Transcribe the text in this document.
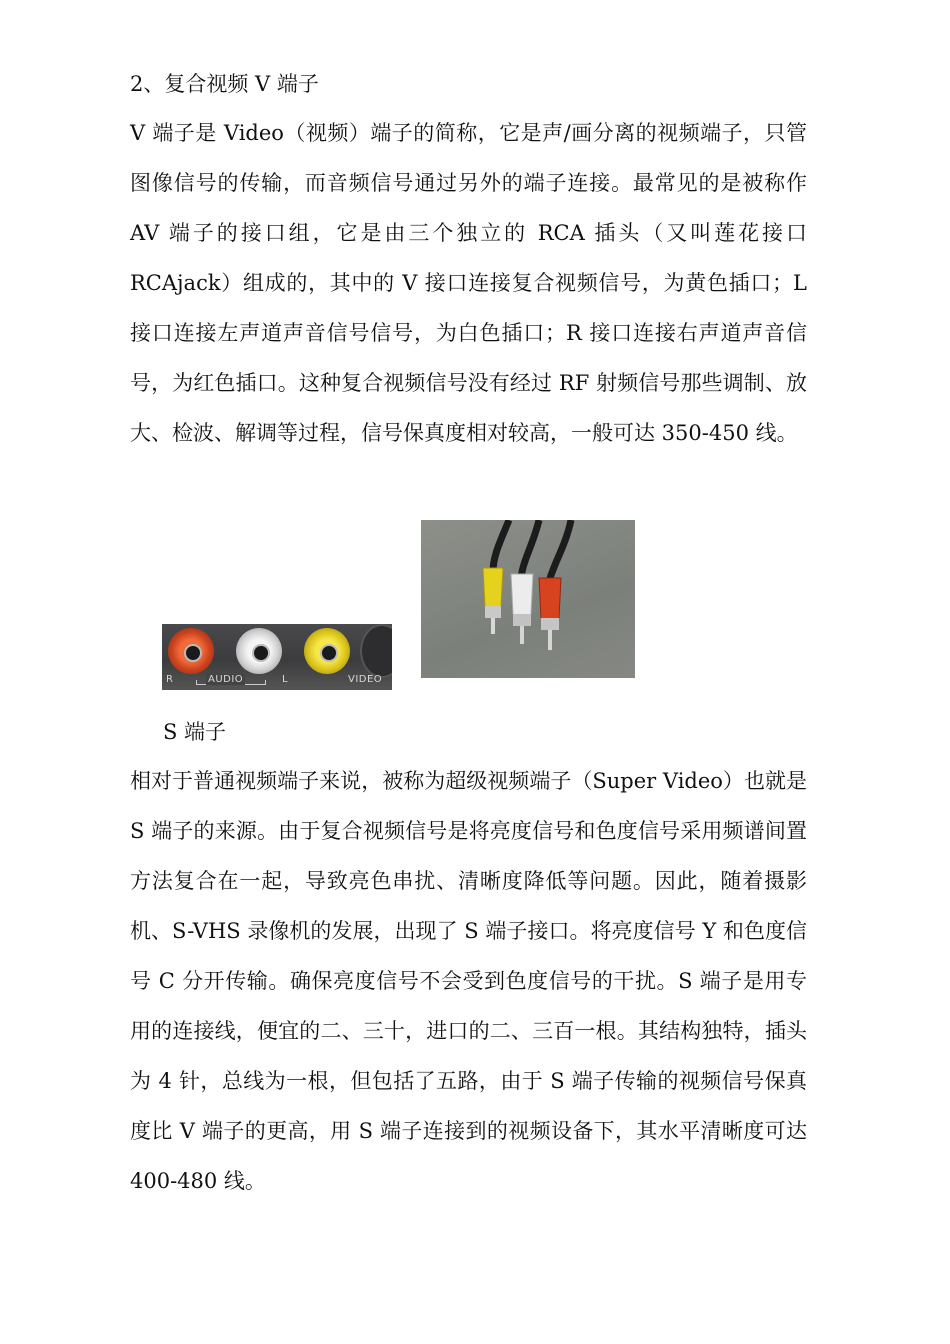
2、复合视频 V 端子

V 端子是 Video（视频）端子的简称，它是声/画分离的视频端子，只管图像信号的传输，而音频信号通过另外的端子连接。最常见的是被称作 AV 端子的接口组，它是由三个独立的 RCA 插头（又叫莲花接口 RCAjack）组成的，其中的 V 接口连接复合视频信号，为黄色插口；L 接口连接左声道声音信号信号，为白色插口；R 接口连接右声道声音信号，为红色插口。这种复合视频信号没有经过 RF 射频信号那些调制、放大、检波、解调等过程，信号保真度相对较高，一般可达 350-450 线。

R	AUDIO	L	VIDEO
S 端子

相对于普通视频端子来说，被称为超级视频端子（Super Video）也就是 S 端子的来源。由于复合视频信号是将亮度信号和色度信号采用频谱间置方法复合在一起，导致亮色串扰、清晰度降低等问题。因此，随着摄影机、S-VHS 录像机的发展，出现了 S 端子接口。将亮度信号 Y 和色度信号 C 分开传输。确保亮度信号不会受到色度信号的干扰。S 端子是用专用的连接线，便宜的二、三十，进口的二、三百一根。其结构独特，插头为 4 针，总线为一根，但包括了五路，由于 S 端子传输的视频信号保真度比 V 端子的更高，用 S 端子连接到的视频设备下，其水平清晰度可达 400-480 线。
